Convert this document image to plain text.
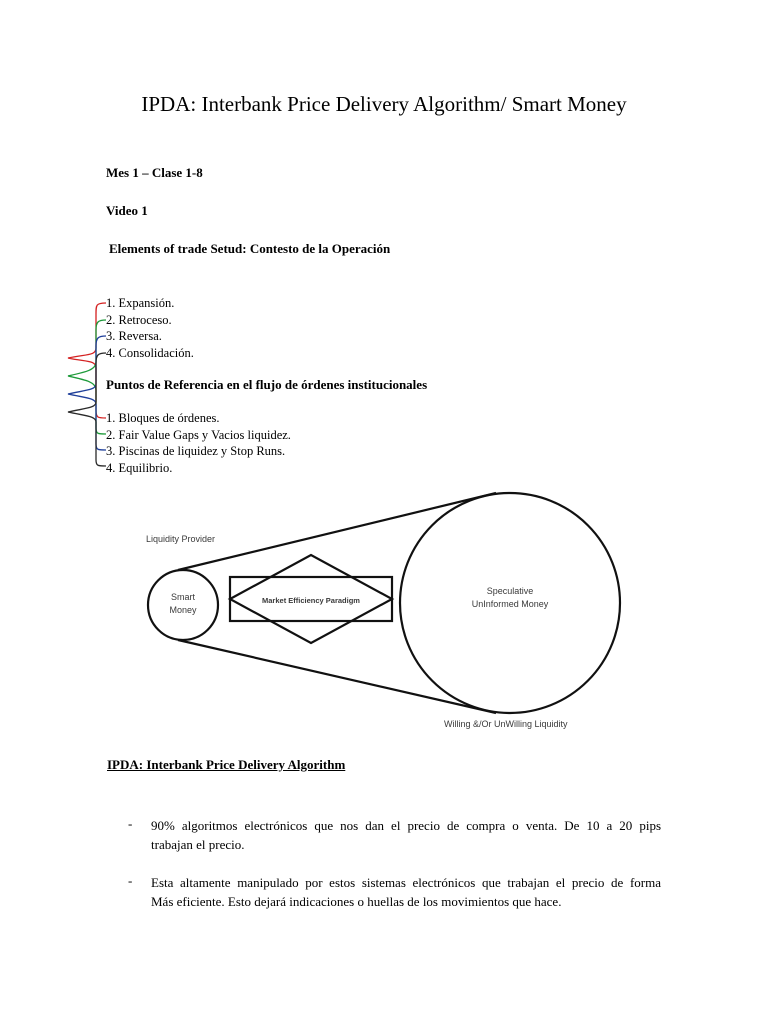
IPDA: Interbank Price Delivery Algorithm/ Smart Money
Mes 1 – Clase 1-8
Video 1
Elements of trade Setud: Contesto de la Operación
1. Expansión.
2. Retroceso.
3. Reversa.
4. Consolidación.
Puntos de Referencia en el flujo de órdenes institucionales
1. Bloques de órdenes.
2. Fair Value Gaps y Vacios liquidez.
3. Piscinas de liquidez y Stop Runs.
4. Equilibrio.
Liquidity Provider
Smart
Money
Market Efficiency Paradigm
Speculative
UnInformed Money
Willing &/Or UnWilling Liquidity
IPDA: Interbank Price Delivery Algorithm
- 90% algoritmos electrónicos que nos dan el precio de compra o venta. De 10 a 20 pips
trabajan el precio.
- Esta altamente manipulado por estos sistemas electrónicos que trabajan el precio de forma
Más eficiente. Esto dejará indicaciones o huellas de los movimientos que hace.
